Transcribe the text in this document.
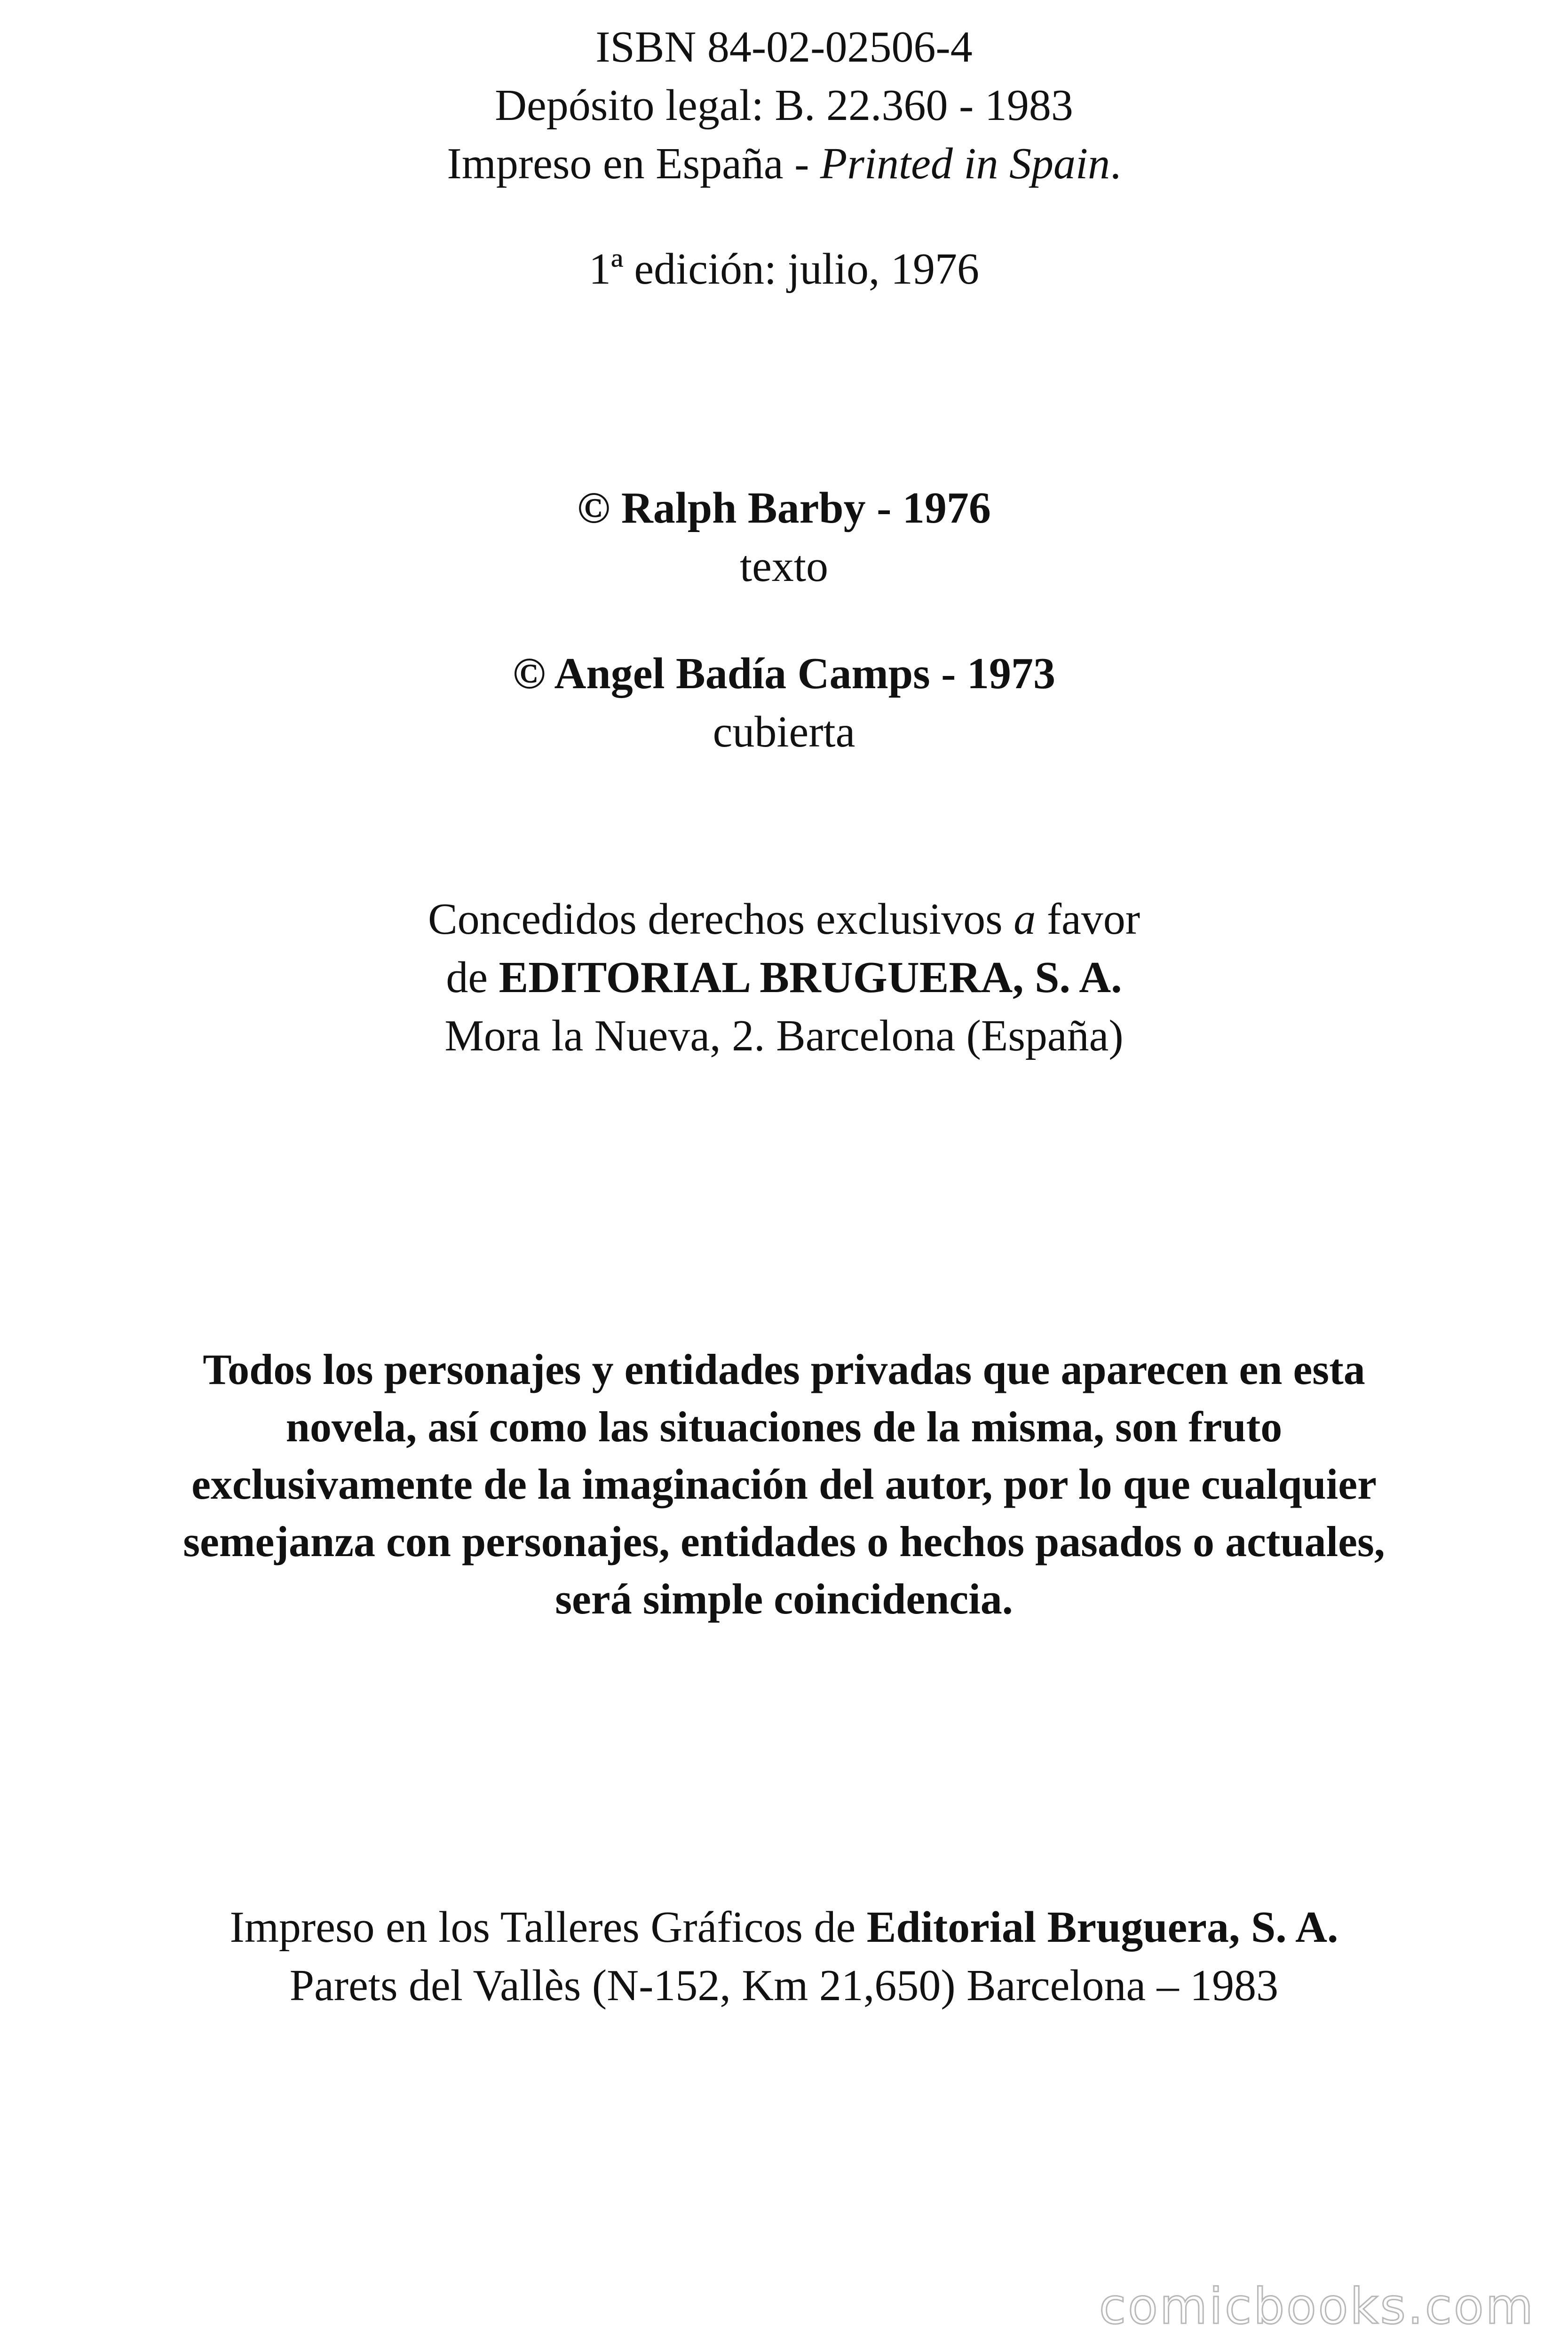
ISBN 84-02-02506-4
Depósito legal: B. 22.360 - 1983
Impreso en España - Printed in Spain.
1ª edición: julio, 1976
© Ralph Barby - 1976
texto
© Angel Badía Camps - 1973
cubierta
Concedidos derechos exclusivos a favor
de EDITORIAL BRUGUERA, S. A.
Mora la Nueva, 2. Barcelona (España)
Todos los personajes y entidades privadas que aparecen en esta
novela, así como las situaciones de la misma, son fruto
exclusivamente de la imaginación del autor, por lo que cualquier
semejanza con personajes, entidades o hechos pasados o actuales,
será simple coincidencia.
Impreso en los Talleres Gráficos de Editorial Bruguera, S. A.
Parets del Vallès (N-152, Km 21,650) Barcelona – 1983
comicbooks.com
